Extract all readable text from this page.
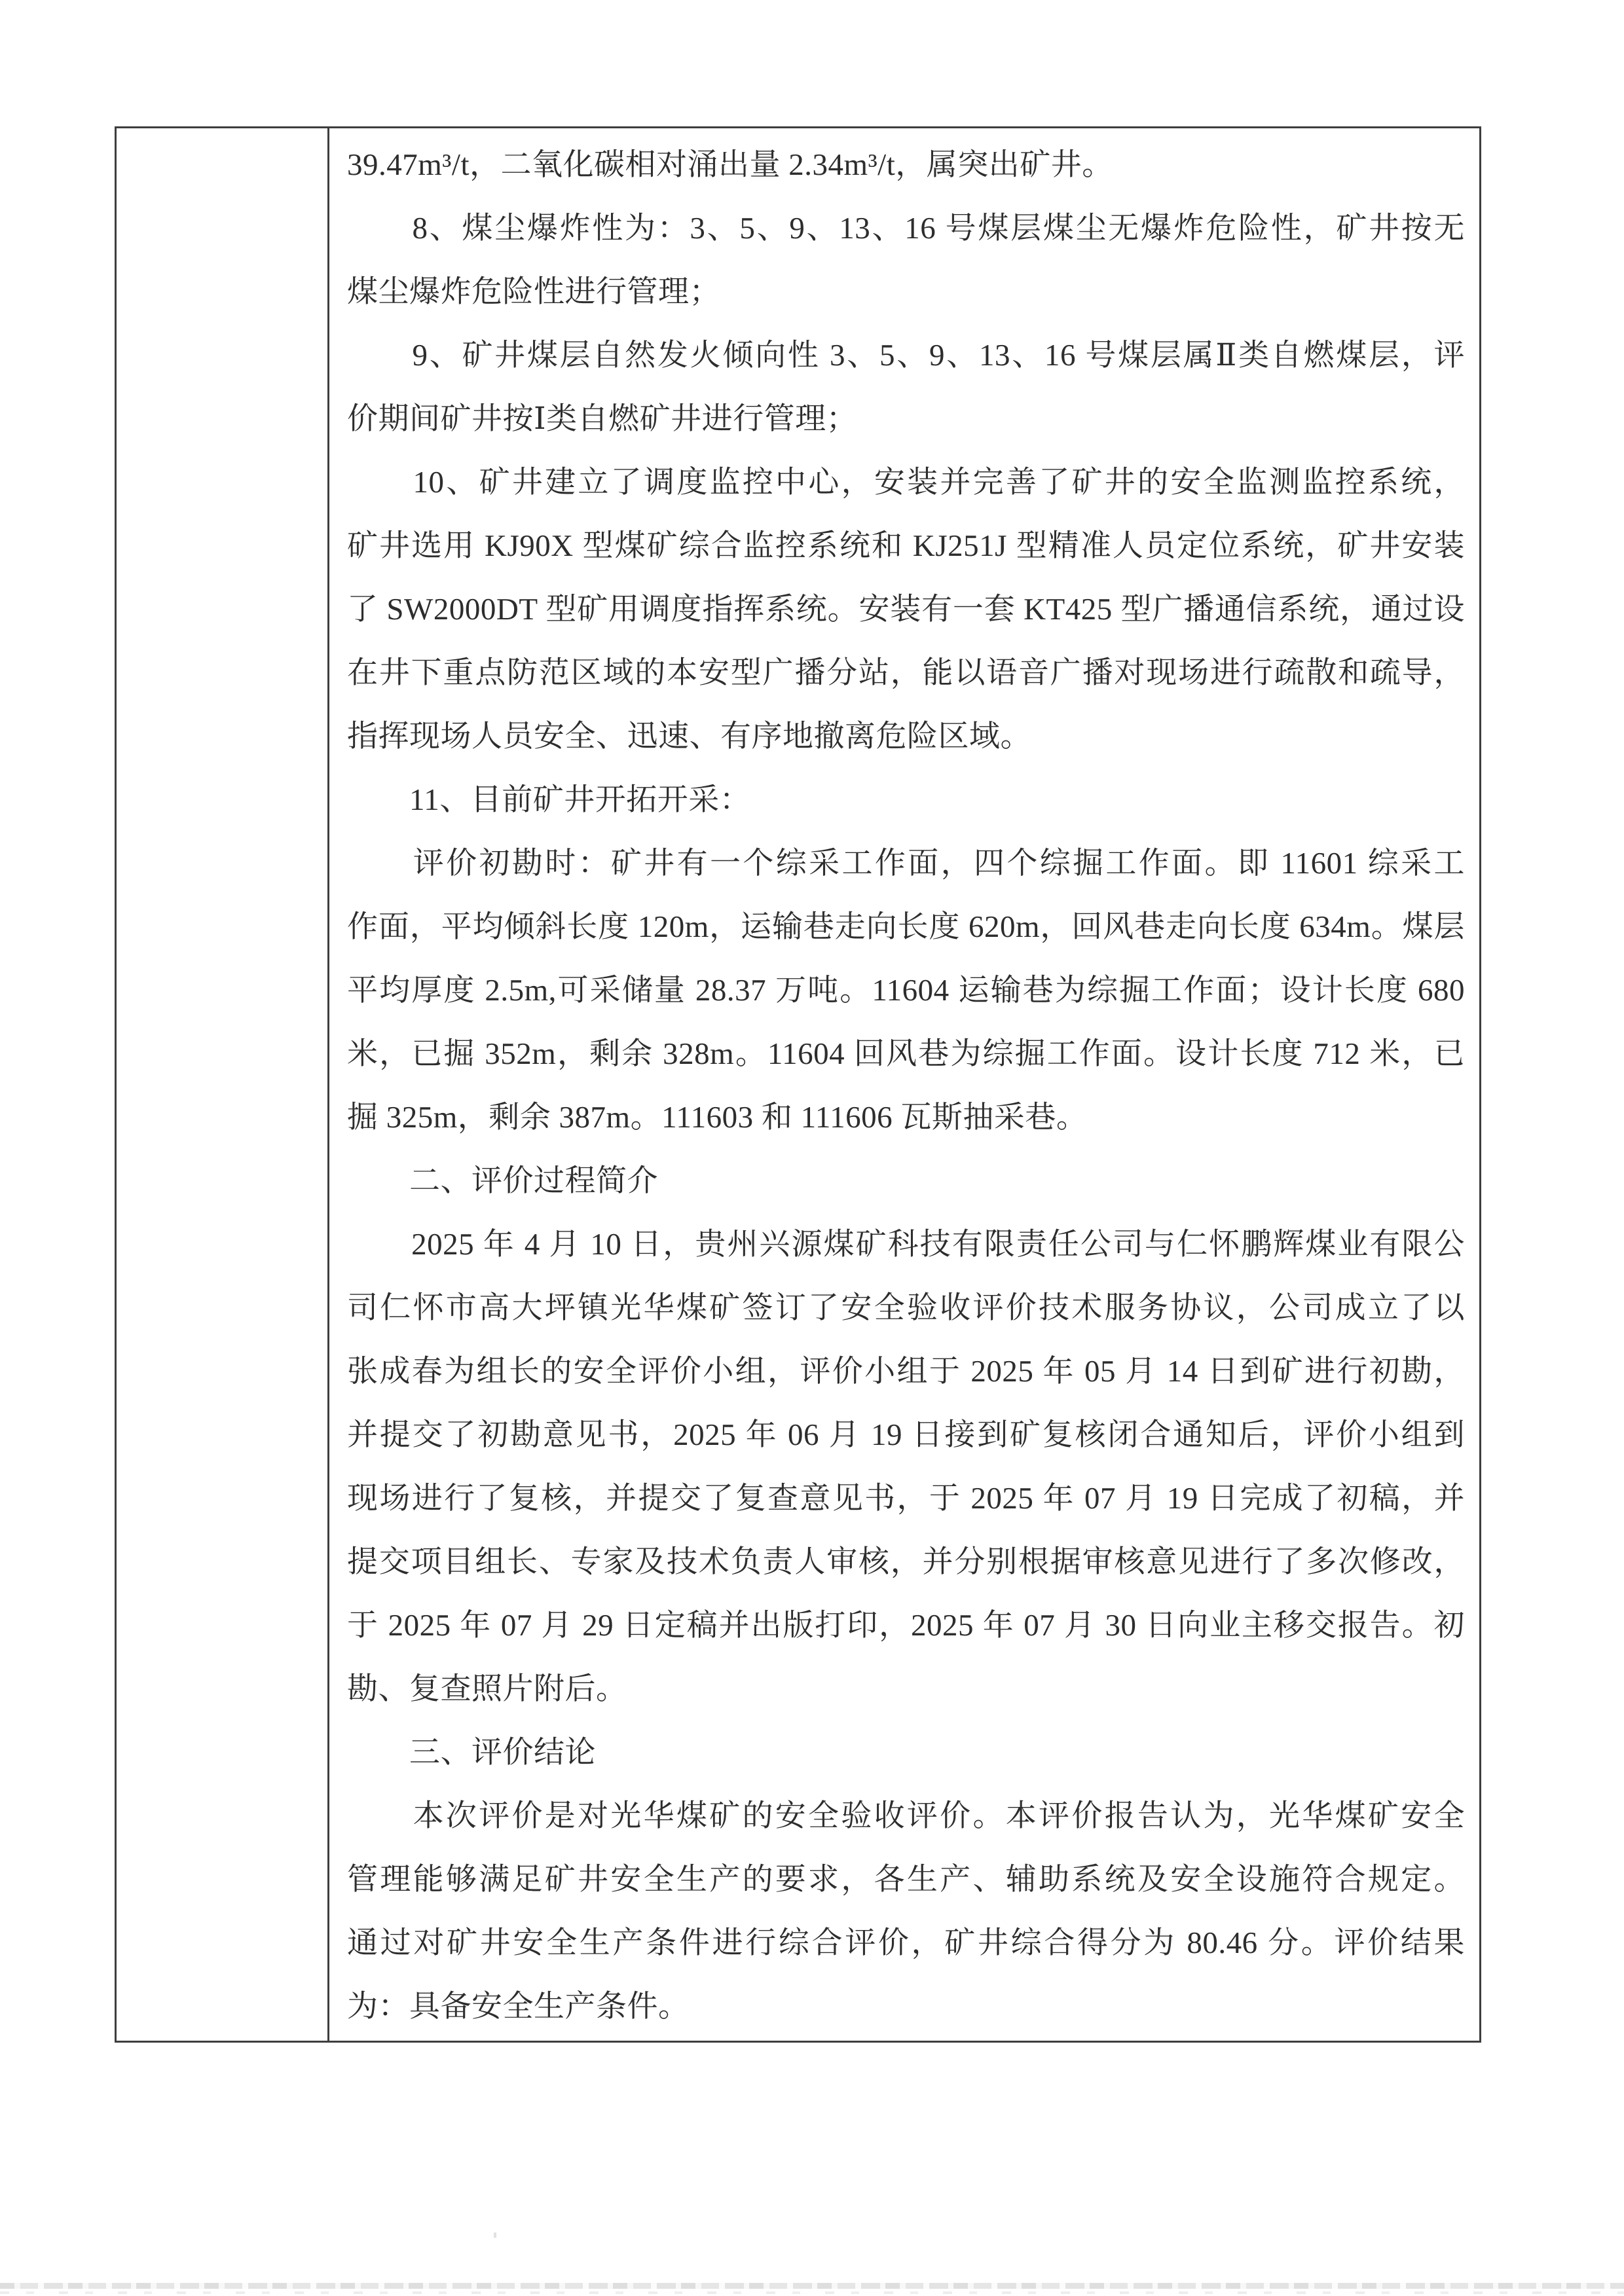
39.47m³/t，二氧化碳相对涌出量 2.34m³/t，属突出矿井。
　　8、煤尘爆炸性为：3、5、9、13、16 号煤层煤尘无爆炸危险性，矿井按无
煤尘爆炸危险性进行管理；
　　9、矿井煤层自然发火倾向性 3、5、9、13、16 号煤层属Ⅱ类自燃煤层，评
价期间矿井按Ⅰ类自燃矿井进行管理；
　　10、矿井建立了调度监控中心，安装并完善了矿井的安全监测监控系统，
矿井选用 KJ90X 型煤矿综合监控系统和 KJ251J 型精准人员定位系统，矿井安装
了 SW2000DT 型矿用调度指挥系统。安装有一套 KT425 型广播通信系统，通过设
在井下重点防范区域的本安型广播分站，能以语音广播对现场进行疏散和疏导，
指挥现场人员安全、迅速、有序地撤离危险区域。
　　11、目前矿井开拓开采：
　　评价初勘时：矿井有一个综采工作面，四个综掘工作面。即 11601 综采工
作面，平均倾斜长度 120m，运输巷走向长度 620m，回风巷走向长度 634m。煤层
平均厚度 2.5m,可采储量 28.37 万吨。11604 运输巷为综掘工作面；设计长度 680
米，已掘 352m，剩余 328m。11604 回风巷为综掘工作面。设计长度 712 米，已
掘 325m，剩余 387m。111603 和 111606 瓦斯抽采巷。
　　二、评价过程简介
　　2025 年 4 月 10 日，贵州兴源煤矿科技有限责任公司与仁怀鹏辉煤业有限公
司仁怀市高大坪镇光华煤矿签订了安全验收评价技术服务协议，公司成立了以
张成春为组长的安全评价小组，评价小组于 2025 年 05 月 14 日到矿进行初勘，
并提交了初勘意见书，2025 年 06 月 19 日接到矿复核闭合通知后，评价小组到
现场进行了复核，并提交了复查意见书，于 2025 年 07 月 19 日完成了初稿，并
提交项目组长、专家及技术负责人审核，并分别根据审核意见进行了多次修改，
于 2025 年 07 月 29 日定稿并出版打印，2025 年 07 月 30 日向业主移交报告。初
勘、复查照片附后。
　　三、评价结论
　　本次评价是对光华煤矿的安全验收评价。本评价报告认为，光华煤矿安全
管理能够满足矿井安全生产的要求，各生产、辅助系统及安全设施符合规定。
通过对矿井安全生产条件进行综合评价，矿井综合得分为 80.46 分。评价结果
为：具备安全生产条件。
